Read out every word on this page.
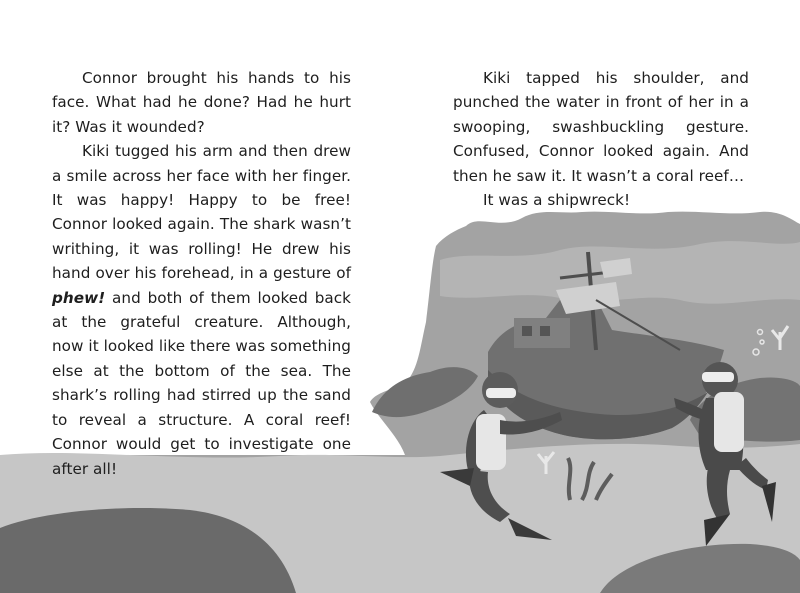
Connor brought his hands to his face. What had he done? Had he hurt it? Was it wounded?

Kiki tugged his arm and then drew a smile across her face with her finger. It was happy! Happy to be free! Connor looked again. The shark wasn’t writhing, it was rolling! He drew his hand over his forehead, in a gesture of phew! and both of them looked back at the grateful creature. Although, now it looked like there was something else at the bottom of the sea. The shark’s rolling had stirred up the sand to reveal a structure. A coral reef! Connor would get to investigate one after all!

Kiki tapped his shoulder, and punched the water in front of her in a swooping, swashbuckling gesture. Confused, Connor looked again. And then he saw it. It wasn’t a coral reef…

It was a shipwreck!
